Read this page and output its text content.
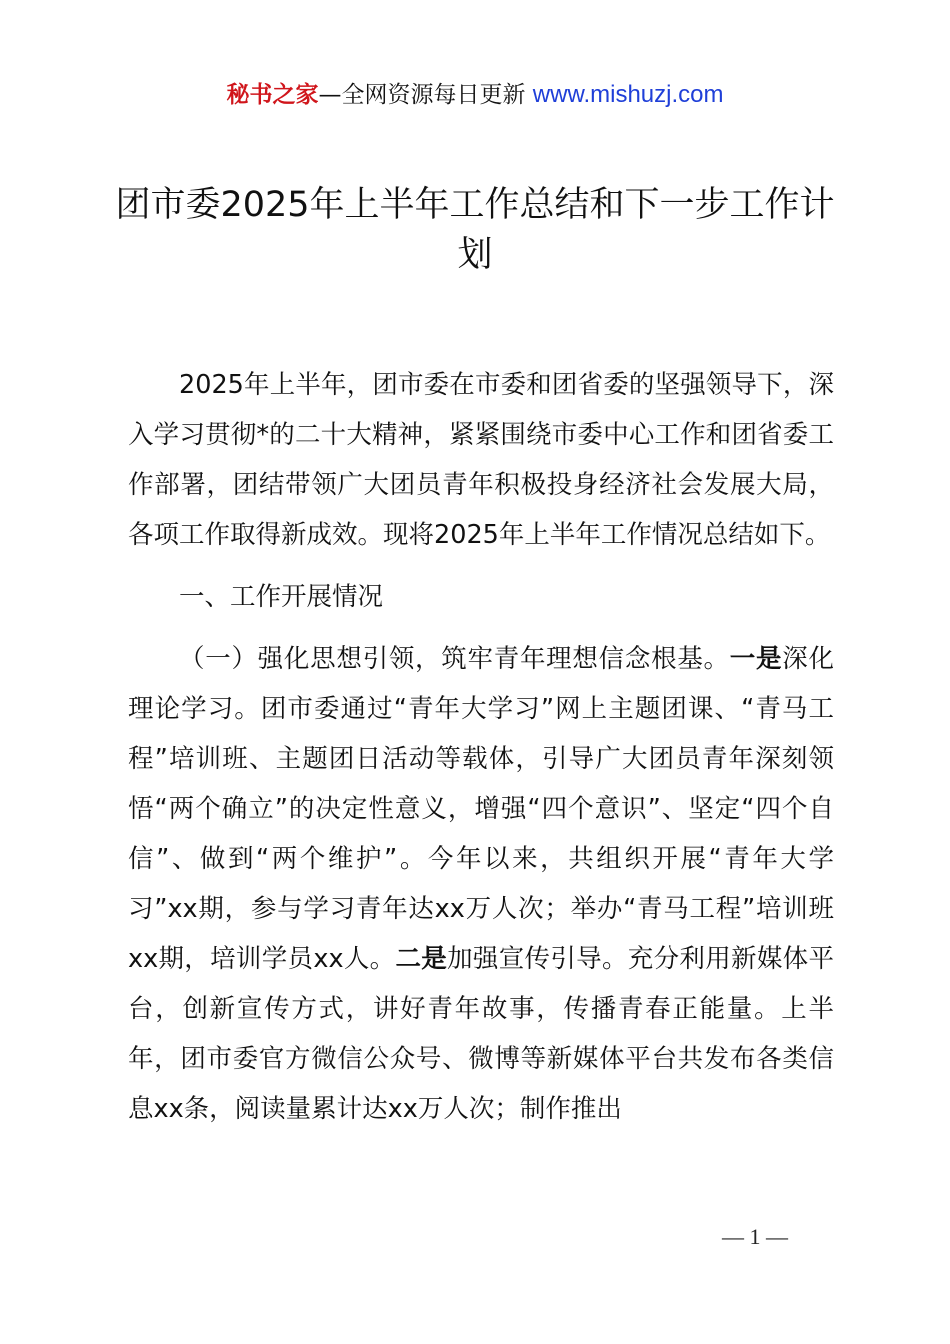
秘书之家—全网资源每日更新 www.mishuzj.com
团市委2025年上半年工作总结和下一步工作计划

2025年上半年，团市委在市委和团省委的坚强领导下，深入学习贯彻*的二十大精神，紧紧围绕市委中心工作和团省委工作部署，团结带领广大团员青年积极投身经济社会发展大局，各项工作取得新成效。现将2025年上半年工作情况总结如下。

一、工作开展情况

（一）强化思想引领，筑牢青年理想信念根基。一是深化理论学习。团市委通过“青年大学习”网上主题团课、“青马工程”培训班、主题团日活动等载体，引导广大团员青年深刻领悟“两个确立”的决定性意义，增强“四个意识”、坚定“四个自信”、做到“两个维护”。今年以来，共组织开展“青年大学习”xx期，参与学习青年达xx万人次；举办“青马工程”培训班xx期，培训学员xx人。二是加强宣传引导。充分利用新媒体平台，创新宣传方式，讲好青年故事，传播青春正能量。上半年，团市委官方微信公众号、微博等新媒体平台共发布各类信息xx条，阅读量累计达xx万人次；制作推出

— 1 —
